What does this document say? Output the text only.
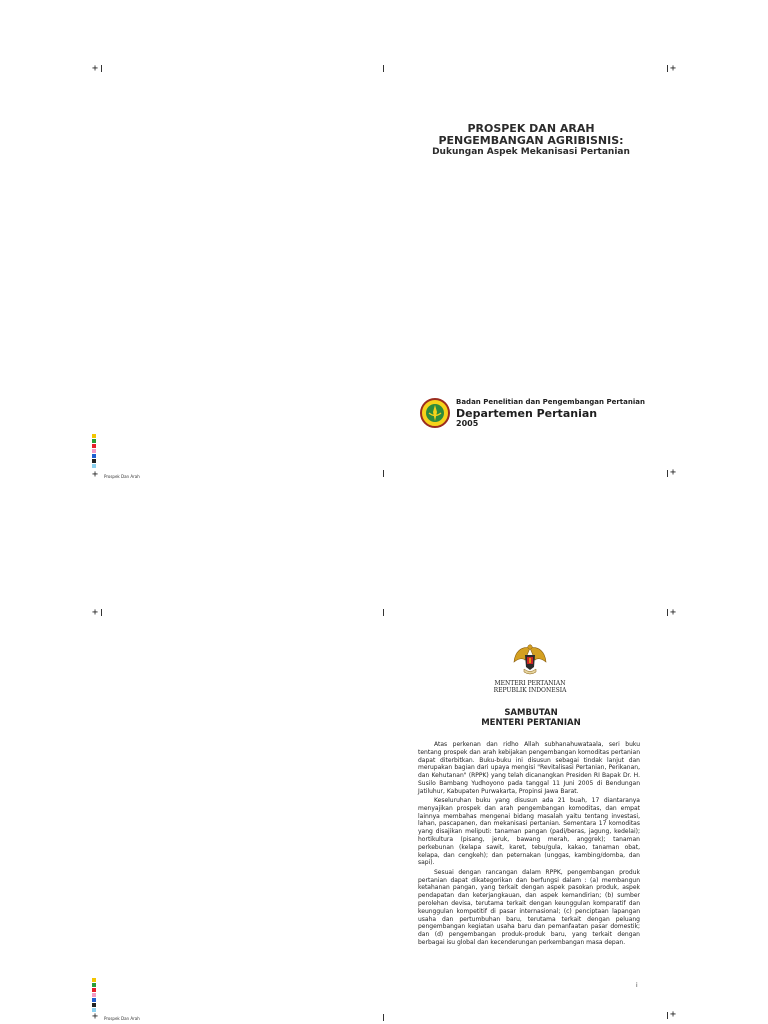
+	+
+
+ Prospek Dan Arah
PROSPEK DAN ARAH
PENGEMBANGAN AGRIBISNIS:
Dukungan Aspek Mekanisasi Pertanian
Badan Penelitian dan Pengembangan Pertanian
Departemen Pertanian
2005
+	+
+
+ Prospek Dan Arah
MENTERI PERTANIAN
REPUBLIK INDONESIA
SAMBUTAN
MENTERI PERTANIAN

Atas perkenan dan ridho Allah subhanahuwataala, seri buku tentang prospek dan arah kebijakan pengembangan komoditas pertanian dapat diterbitkan. Buku-buku ini disusun sebagai tindak lanjut dan merupakan bagian dari upaya mengisi "Revitalisasi Pertanian, Perikanan, dan Kehutanan" (RPPK) yang telah dicanangkan Presiden RI Bapak Dr. H. Susilo Bambang Yudhoyono pada tanggal 11 Juni 2005 di Bendungan Jatiluhur, Kabupaten Purwakarta, Propinsi Jawa Barat.

Keseluruhan buku yang disusun ada 21 buah, 17 diantaranya menyajikan prospek dan arah pengembangan komoditas, dan empat lainnya membahas mengenai bidang masalah yaitu tentang investasi, lahan, pascapanen, dan mekanisasi pertanian. Sementara 17 komoditas yang disajikan meliputi: tanaman pangan (padi/beras, jagung, kedelai); hortikultura (pisang, jeruk, bawang merah, anggrek); tanaman perkebunan (kelapa sawit, karet, tebu/gula, kakao, tanaman obat, kelapa, dan cengkeh); dan peternakan (unggas, kambing/domba, dan sapi).

Sesuai dengan rancangan dalam RPPK, pengembangan produk pertanian dapat dikategorikan dan berfungsi dalam : (a) membangun ketahanan pangan, yang terkait dengan aspek pasokan produk, aspek pendapatan dan keterjangkauan, dan aspek kemandirian; (b) sumber perolehan devisa, terutama terkait dengan keunggulan komparatif dan keunggulan kompetitif di pasar internasional; (c) penciptaan lapangan usaha dan pertumbuhan baru, terutama terkait dengan peluang pengembangan kegiatan usaha baru dan pemanfaatan pasar domestik; dan (d) pengembangan produk-produk baru, yang terkait dengan berbagai isu global dan kecenderungan perkembangan masa depan.

i
